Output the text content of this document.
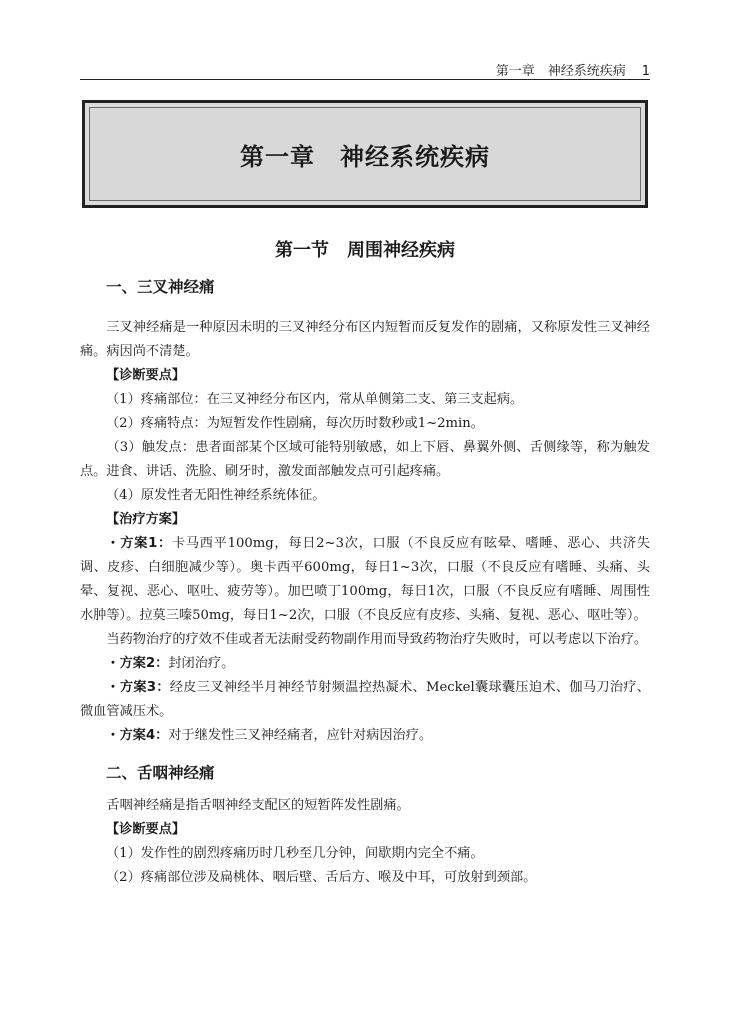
第一章　神经系统疾病 1
第一章　神经系统疾病
第一节　周围神经疾病
一、三叉神经痛

三叉神经痛是一种原因未明的三叉神经分布区内短暂而反复发作的剧痛，又称原发性三叉神经痛。病因尚不清楚。

【诊断要点】

（1）疼痛部位：在三叉神经分布区内，常从单侧第二支、第三支起病。

（2）疼痛特点：为短暂发作性剧痛，每次历时数秒或1~2min。

（3）触发点：患者面部某个区域可能特别敏感，如上下唇、鼻翼外侧、舌侧缘等，称为触发点。进食、讲话、洗脸、刷牙时，激发面部触发点可引起疼痛。

（4）原发性者无阳性神经系统体征。

【治疗方案】

・方案1：卡马西平100mg，每日2~3次，口服（不良反应有眩晕、嗜睡、恶心、共济失调、皮疹、白细胞减少等）。奥卡西平600mg，每日1~3次，口服（不良反应有嗜睡、头痛、头晕、复视、恶心、呕吐、疲劳等）。加巴喷丁100mg，每日1次，口服（不良反应有嗜睡、周围性水肿等）。拉莫三嗪50mg，每日1~2次，口服（不良反应有皮疹、头痛、复视、恶心、呕吐等）。

当药物治疗的疗效不佳或者无法耐受药物副作用而导致药物治疗失败时，可以考虑以下治疗。

・方案2：封闭治疗。

・方案3：经皮三叉神经半月神经节射频温控热凝术、Meckel囊球囊压迫术、伽马刀治疗、微血管减压术。

・方案4：对于继发性三叉神经痛者，应针对病因治疗。

二、舌咽神经痛

舌咽神经痛是指舌咽神经支配区的短暂阵发性剧痛。

【诊断要点】

（1）发作性的剧烈疼痛历时几秒至几分钟，间歇期内完全不痛。

（2）疼痛部位涉及扁桃体、咽后壁、舌后方、喉及中耳，可放射到颈部。
